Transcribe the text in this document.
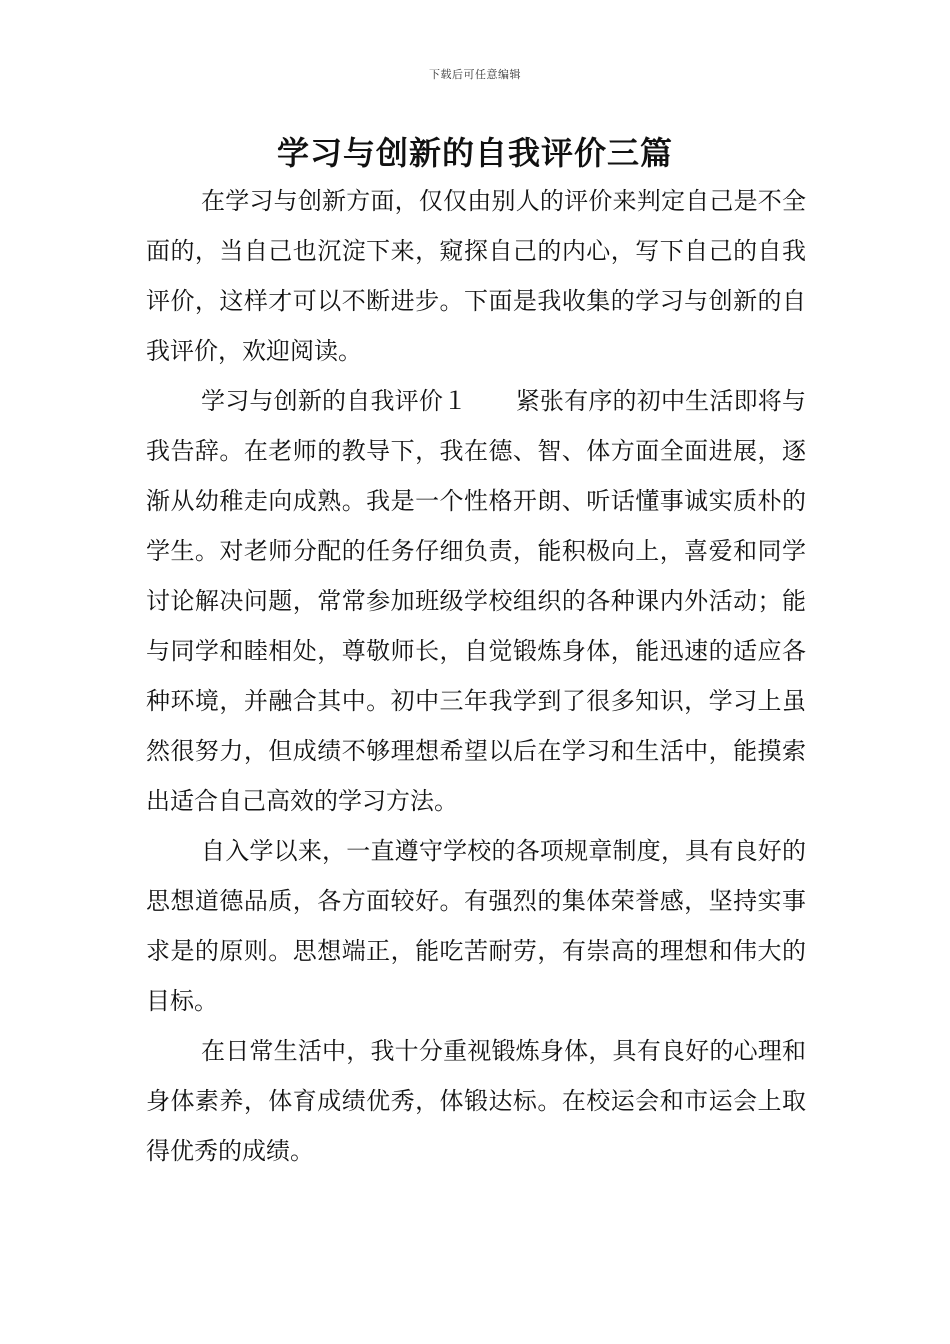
下载后可任意编辑
学习与创新的自我评价三篇

在学习与创新方面，仅仅由别人的评价来判定自己是不全面的，当自己也沉淀下来，窥探自己的内心，写下自己的自我评价，这样才可以不断进步。下面是我收集的学习与创新的自我评价，欢迎阅读。

学习与创新的自我评价１　　紧张有序的初中生活即将与我告辞。在老师的教导下，我在德、智、体方面全面进展，逐渐从幼稚走向成熟。我是一个性格开朗、听话懂事诚实质朴的学生。对老师分配的任务仔细负责，能积极向上，喜爱和同学讨论解决问题，常常参加班级学校组织的各种课内外活动；能与同学和睦相处，尊敬师长，自觉锻炼身体，能迅速的适应各种环境，并融合其中。初中三年我学到了很多知识，学习上虽然很努力，但成绩不够理想希望以后在学习和生活中，能摸索出适合自己高效的学习方法。

自入学以来，一直遵守学校的各项规章制度，具有良好的思想道德品质，各方面较好。有强烈的集体荣誉感，坚持实事求是的原则。思想端正，能吃苦耐劳，有崇高的理想和伟大的目标。

在日常生活中，我十分重视锻炼身体，具有良好的心理和身体素养，体育成绩优秀，体锻达标。在校运会和市运会上取得优秀的成绩。
